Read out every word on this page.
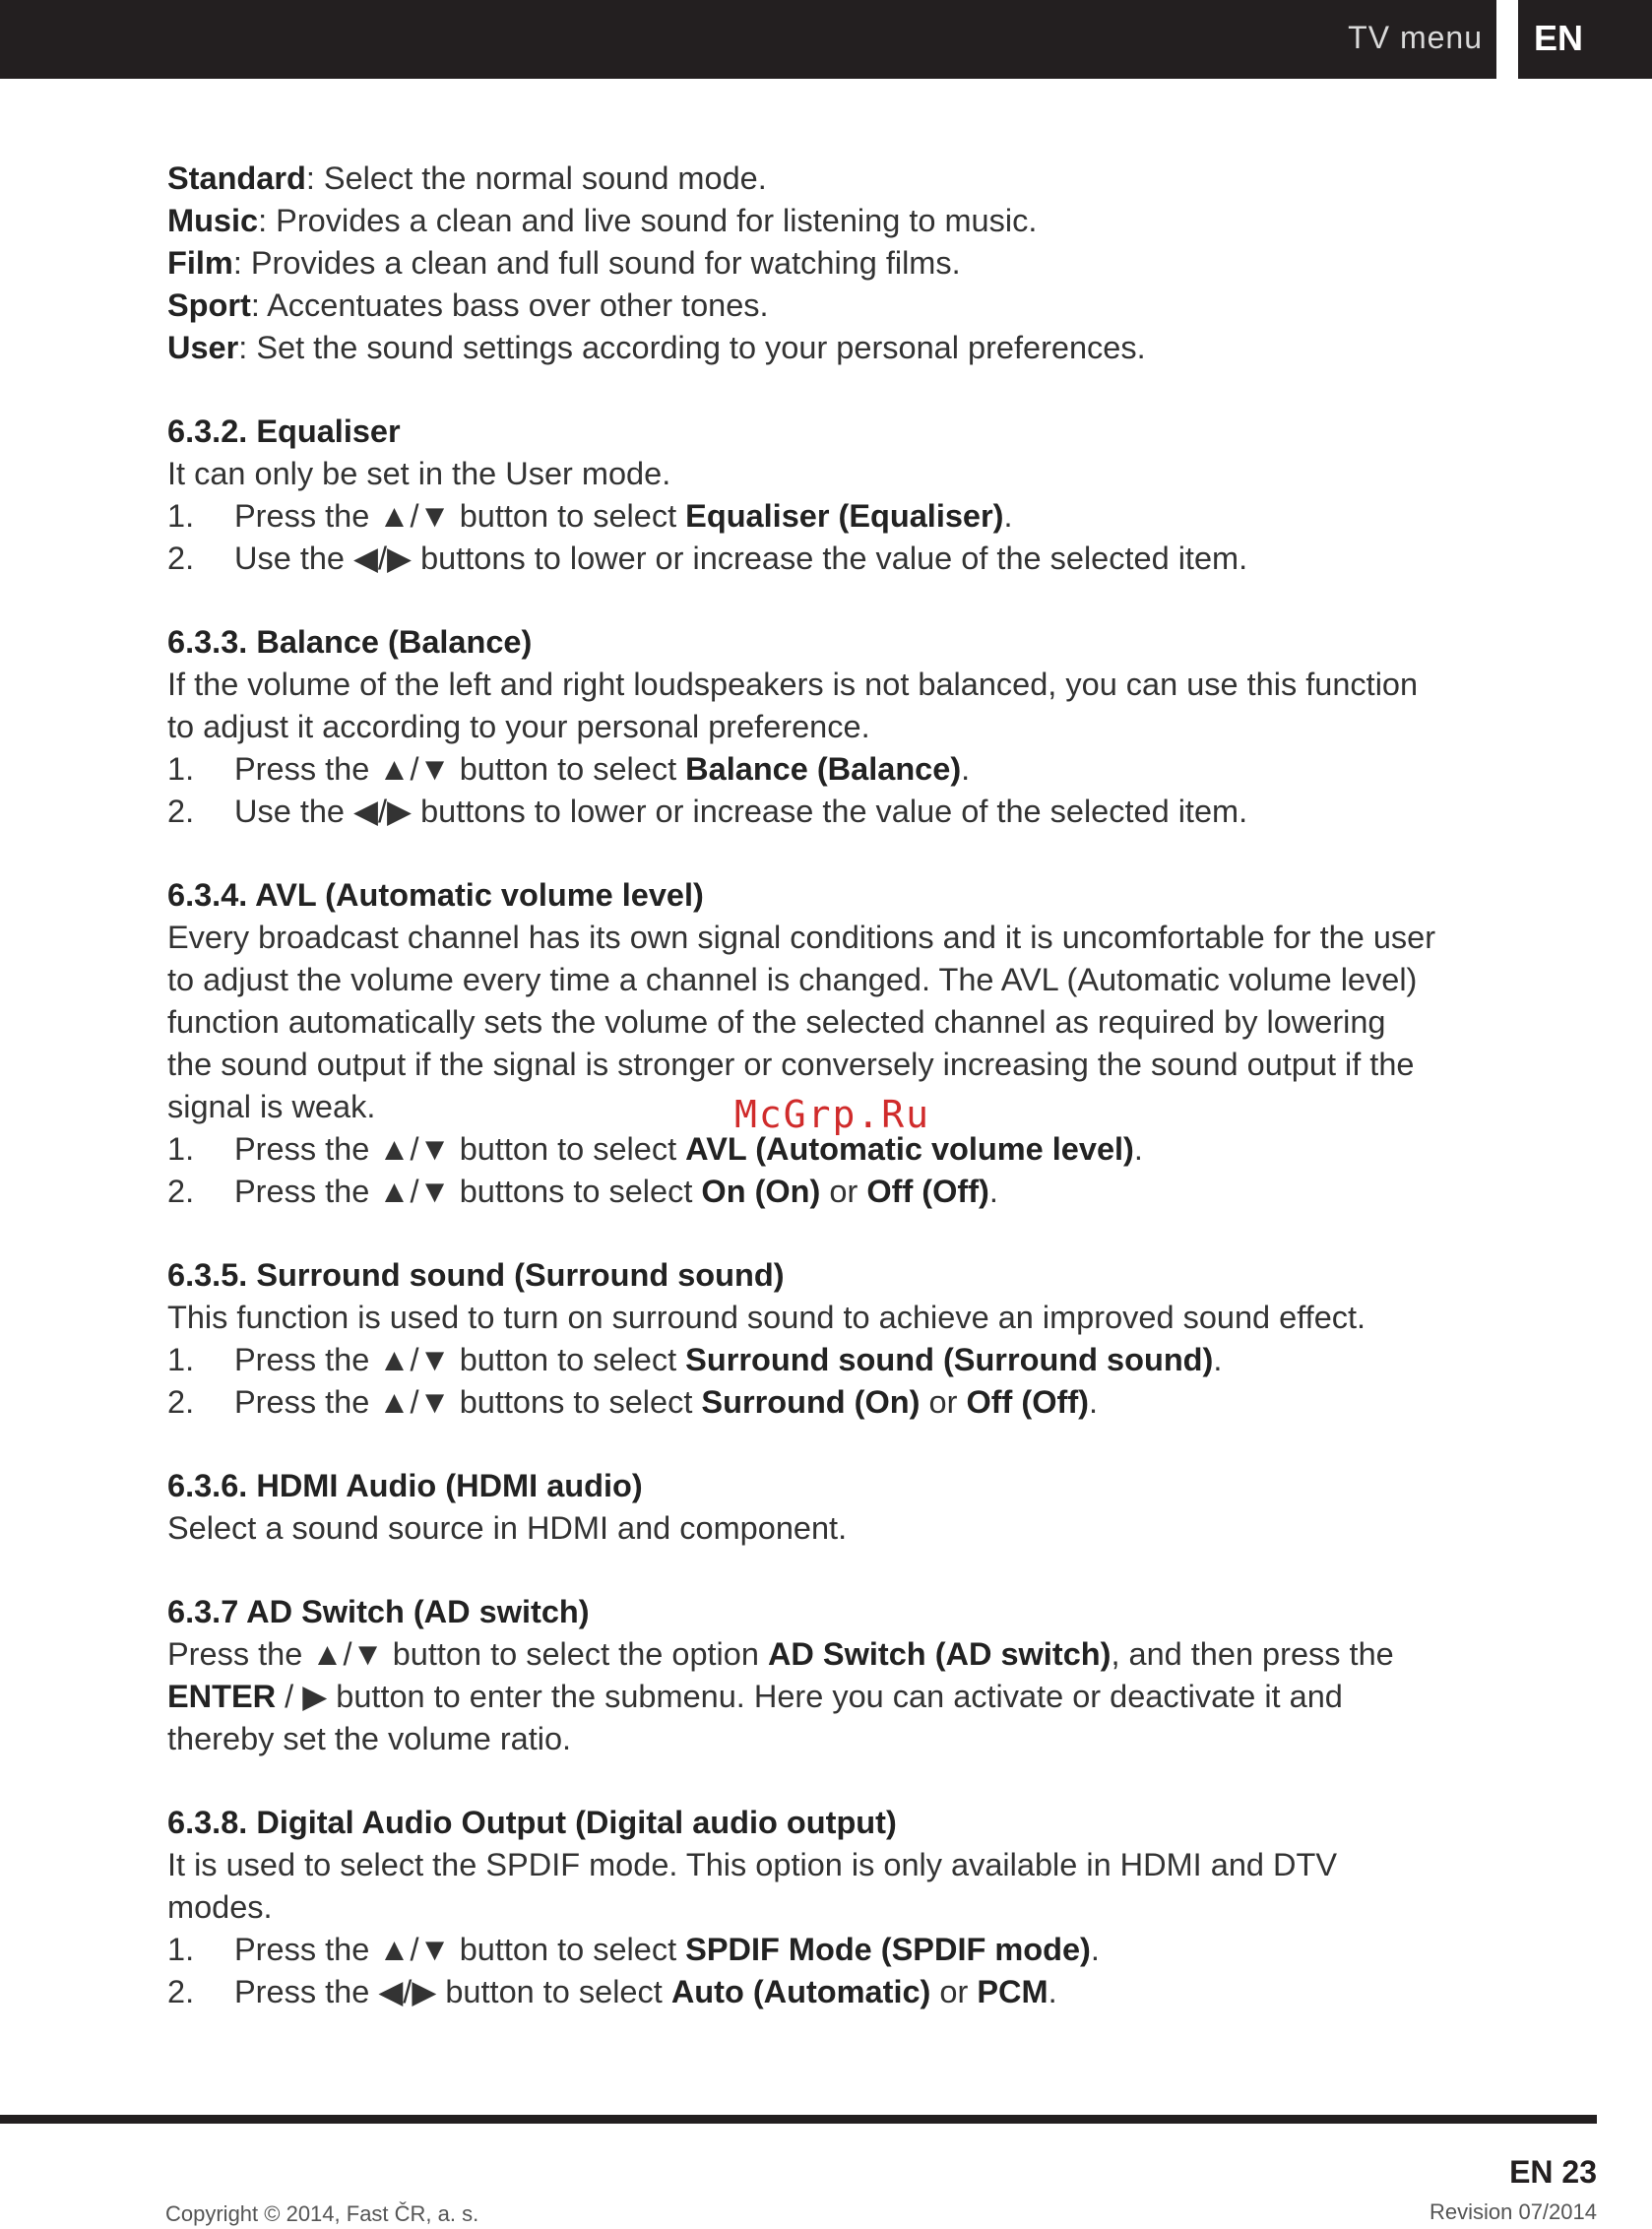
TV menu EN
Standard: Select the normal sound mode.
Music: Provides a clean and live sound for listening to music.
Film: Provides a clean and full sound for watching films.
Sport: Accentuates bass over other tones.
User: Set the sound settings according to your personal preferences.
6.3.2. Equaliser
It can only be set in the User mode.
1. Press the ▲/▼ button to select Equaliser (Equaliser).
2. Use the ◀/▶ buttons to lower or increase the value of the selected item.
6.3.3. Balance (Balance)
If the volume of the left and right loudspeakers is not balanced, you can use this function
to adjust it according to your personal preference.
1. Press the ▲/▼ button to select Balance (Balance).
2. Use the ◀/▶ buttons to lower or increase the value of the selected item.
6.3.4. AVL (Automatic volume level)
Every broadcast channel has its own signal conditions and it is uncomfortable for the user
to adjust the volume every time a channel is changed. The AVL (Automatic volume level)
function automatically sets the volume of the selected channel as required by lowering
the sound output if the signal is stronger or conversely increasing the sound output if the
signal is weak.
1. Press the ▲/▼ button to select AVL (Automatic volume level).
2. Press the ▲/▼ buttons to select On (On) or Off (Off).
6.3.5. Surround sound (Surround sound)
This function is used to turn on surround sound to achieve an improved sound effect.
1. Press the ▲/▼ button to select Surround sound (Surround sound).
2. Press the ▲/▼ buttons to select Surround (On) or Off (Off).
6.3.6. HDMI Audio (HDMI audio)
Select a sound source in HDMI and component.
6.3.7 AD Switch (AD switch)
Press the ▲/▼ button to select the option AD Switch (AD switch), and then press the
ENTER / ▶ button to enter the submenu. Here you can activate or deactivate it and
thereby set the volume ratio.
6.3.8. Digital Audio Output (Digital audio output)
It is used to select the SPDIF mode. This option is only available in HDMI and DTV
modes.
1. Press the ▲/▼ button to select SPDIF Mode (SPDIF mode).
2. Press the ◀/▶ button to select Auto (Automatic) or PCM.
McGrp.Ru
EN 23
Copyright © 2014, Fast ČR, a. s.	Revision 07/2014
